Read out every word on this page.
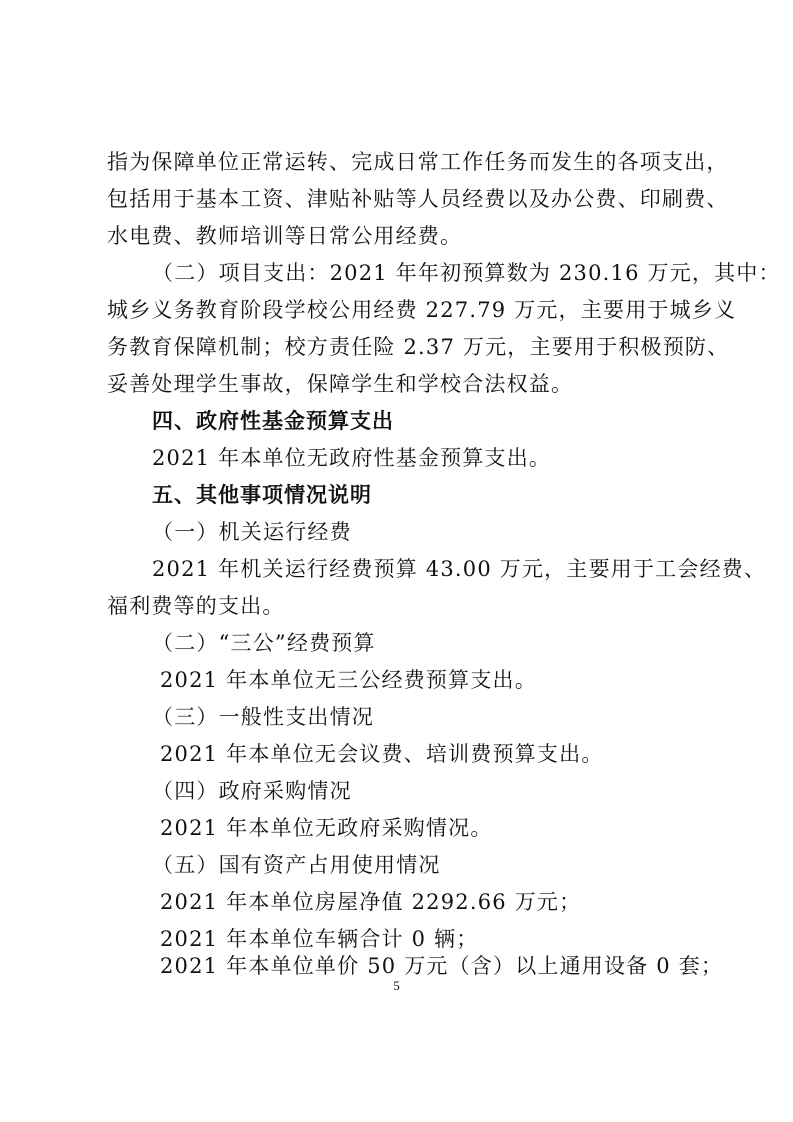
指为保障单位正常运转、完成日常工作任务而发生的各项支出，
包括用于基本工资、津贴补贴等人员经费以及办公费、印刷费、
水电费、教师培训等日常公用经费。
（二）项目支出：2021 年年初预算数为 230.16 万元，其中：
城乡义务教育阶段学校公用经费 227.79 万元，主要用于城乡义
务教育保障机制；校方责任险 2.37 万元，主要用于积极预防、
妥善处理学生事故，保障学生和学校合法权益。
四、政府性基金预算支出
2021 年本单位无政府性基金预算支出。
五、其他事项情况说明
（一）机关运行经费
2021 年机关运行经费预算 43.00 万元，主要用于工会经费、
福利费等的支出。
（二）“三公”经费预算
2021 年本单位无三公经费预算支出。
（三）一般性支出情况
2021 年本单位无会议费、培训费预算支出。
（四）政府采购情况
2021 年本单位无政府采购情况。
（五）国有资产占用使用情况
2021 年本单位房屋净值 2292.66 万元；
2021 年本单位车辆合计 0 辆；
2021 年本单位单价 50 万元（含）以上通用设备 0 套；
5
